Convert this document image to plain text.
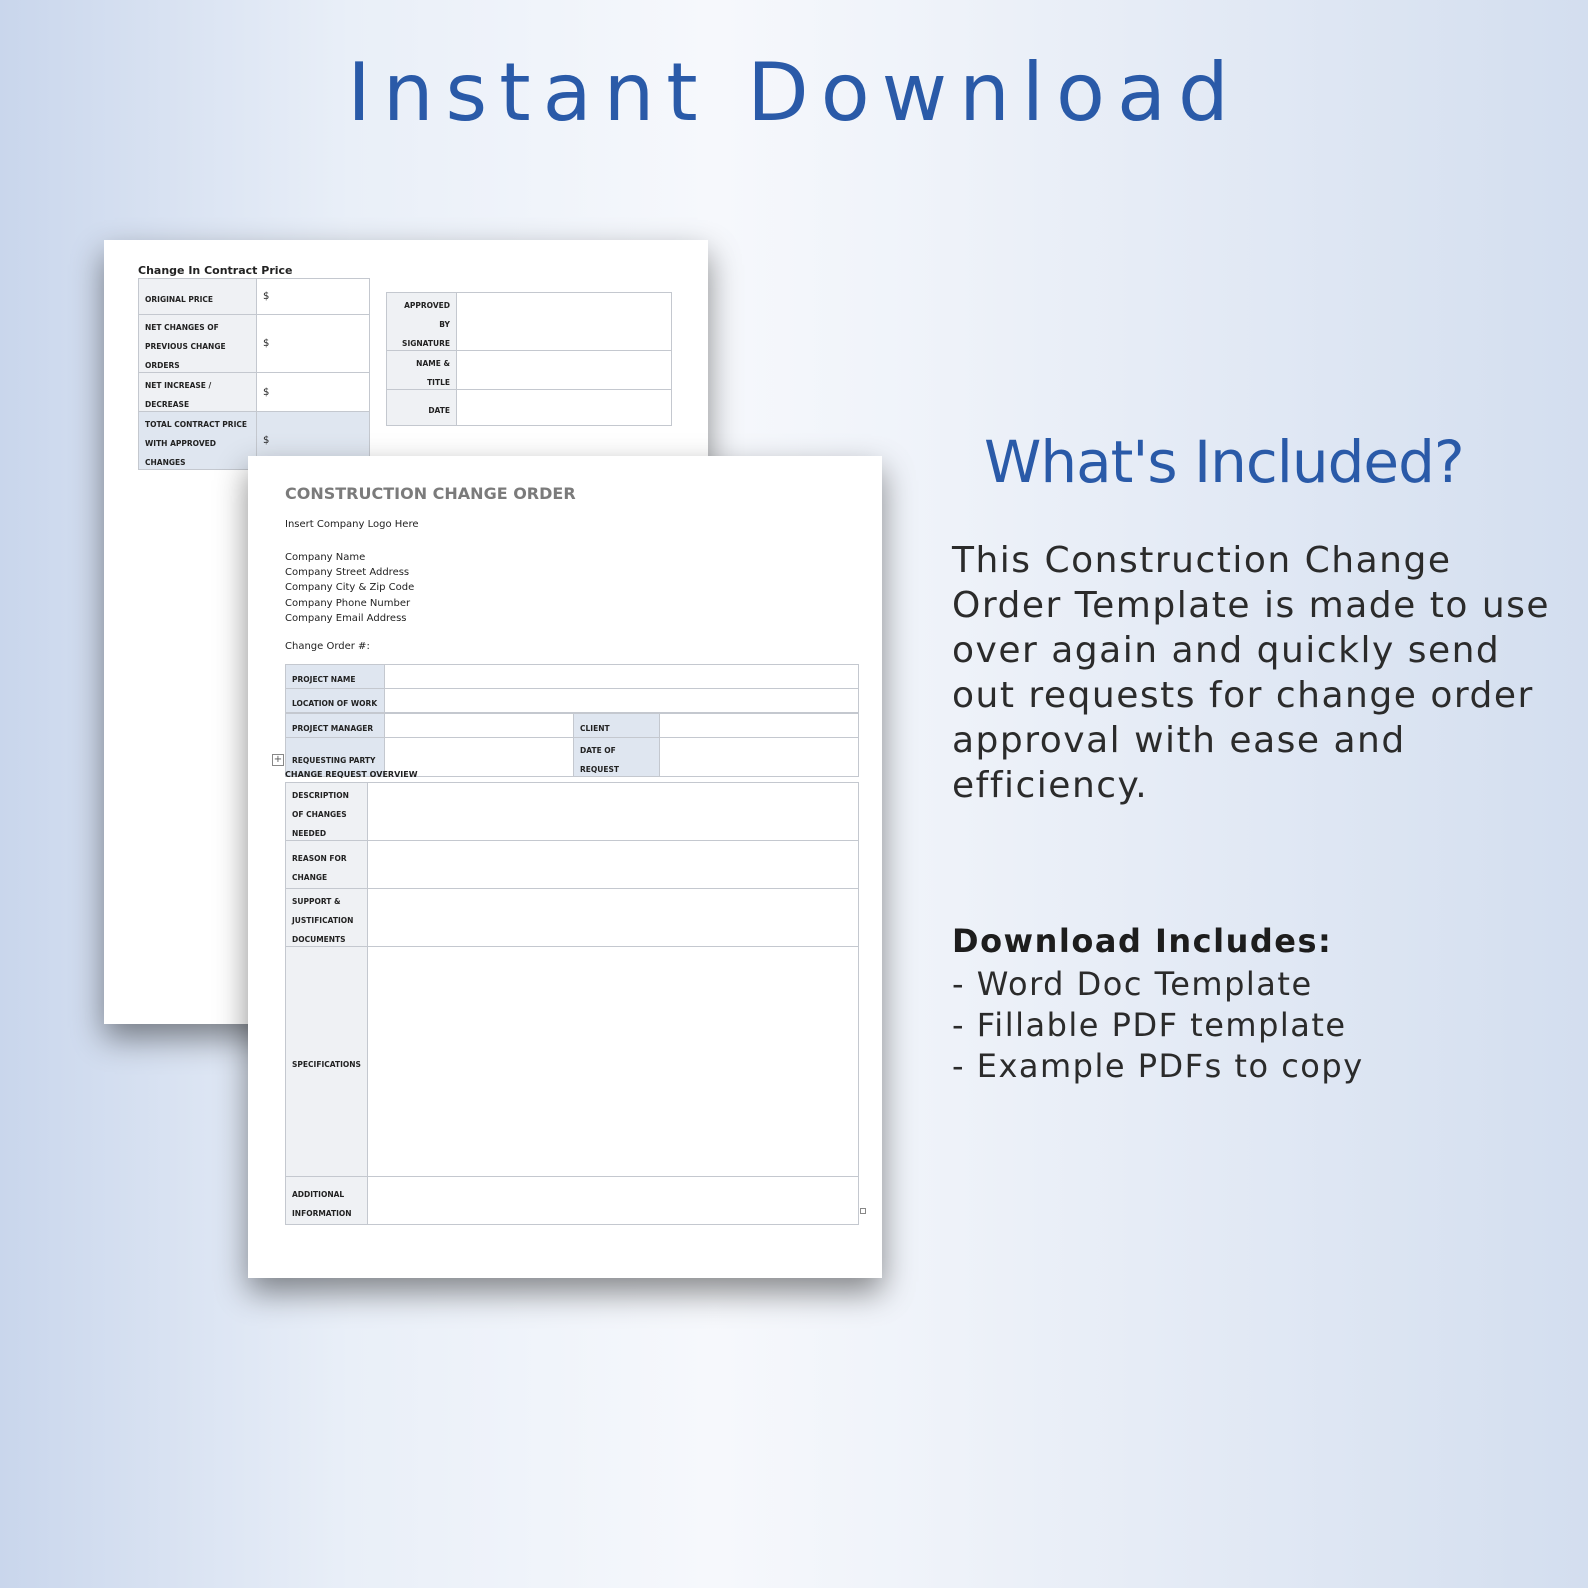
Instant Download
Change In Contract Price
ORIGINAL PRICE	$
NET CHANGES OF PREVIOUS CHANGE ORDERS	$
NET INCREASE / DECREASE	$
TOTAL CONTRACT PRICE WITH APPROVED CHANGES	$
APPROVED BY SIGNATURE	
NAME & TITLE	
DATE	
CONSTRUCTION CHANGE ORDER
Insert Company Logo Here
Company Name
Company Street Address
Company City & Zip Code
Company Phone Number
Company Email Address
Change Order #:
PROJECT NAME	
LOCATION OF WORK	
PROJECT MANAGER		CLIENT	
REQUESTING PARTY		DATE OF REQUEST	
CHANGE REQUEST OVERVIEW
DESCRIPTION OF CHANGES NEEDED	
REASON FOR CHANGE	
SUPPORT & JUSTIFICATION DOCUMENTS	
SPECIFICATIONS	
ADDITIONAL INFORMATION	
+
What's Included?

This Construction Change Order Template is made to use over again and quickly send out requests for change order approval with ease and efficiency.

Download Includes:
- Word Doc Template
- Fillable PDF template
- Example PDFs to copy
